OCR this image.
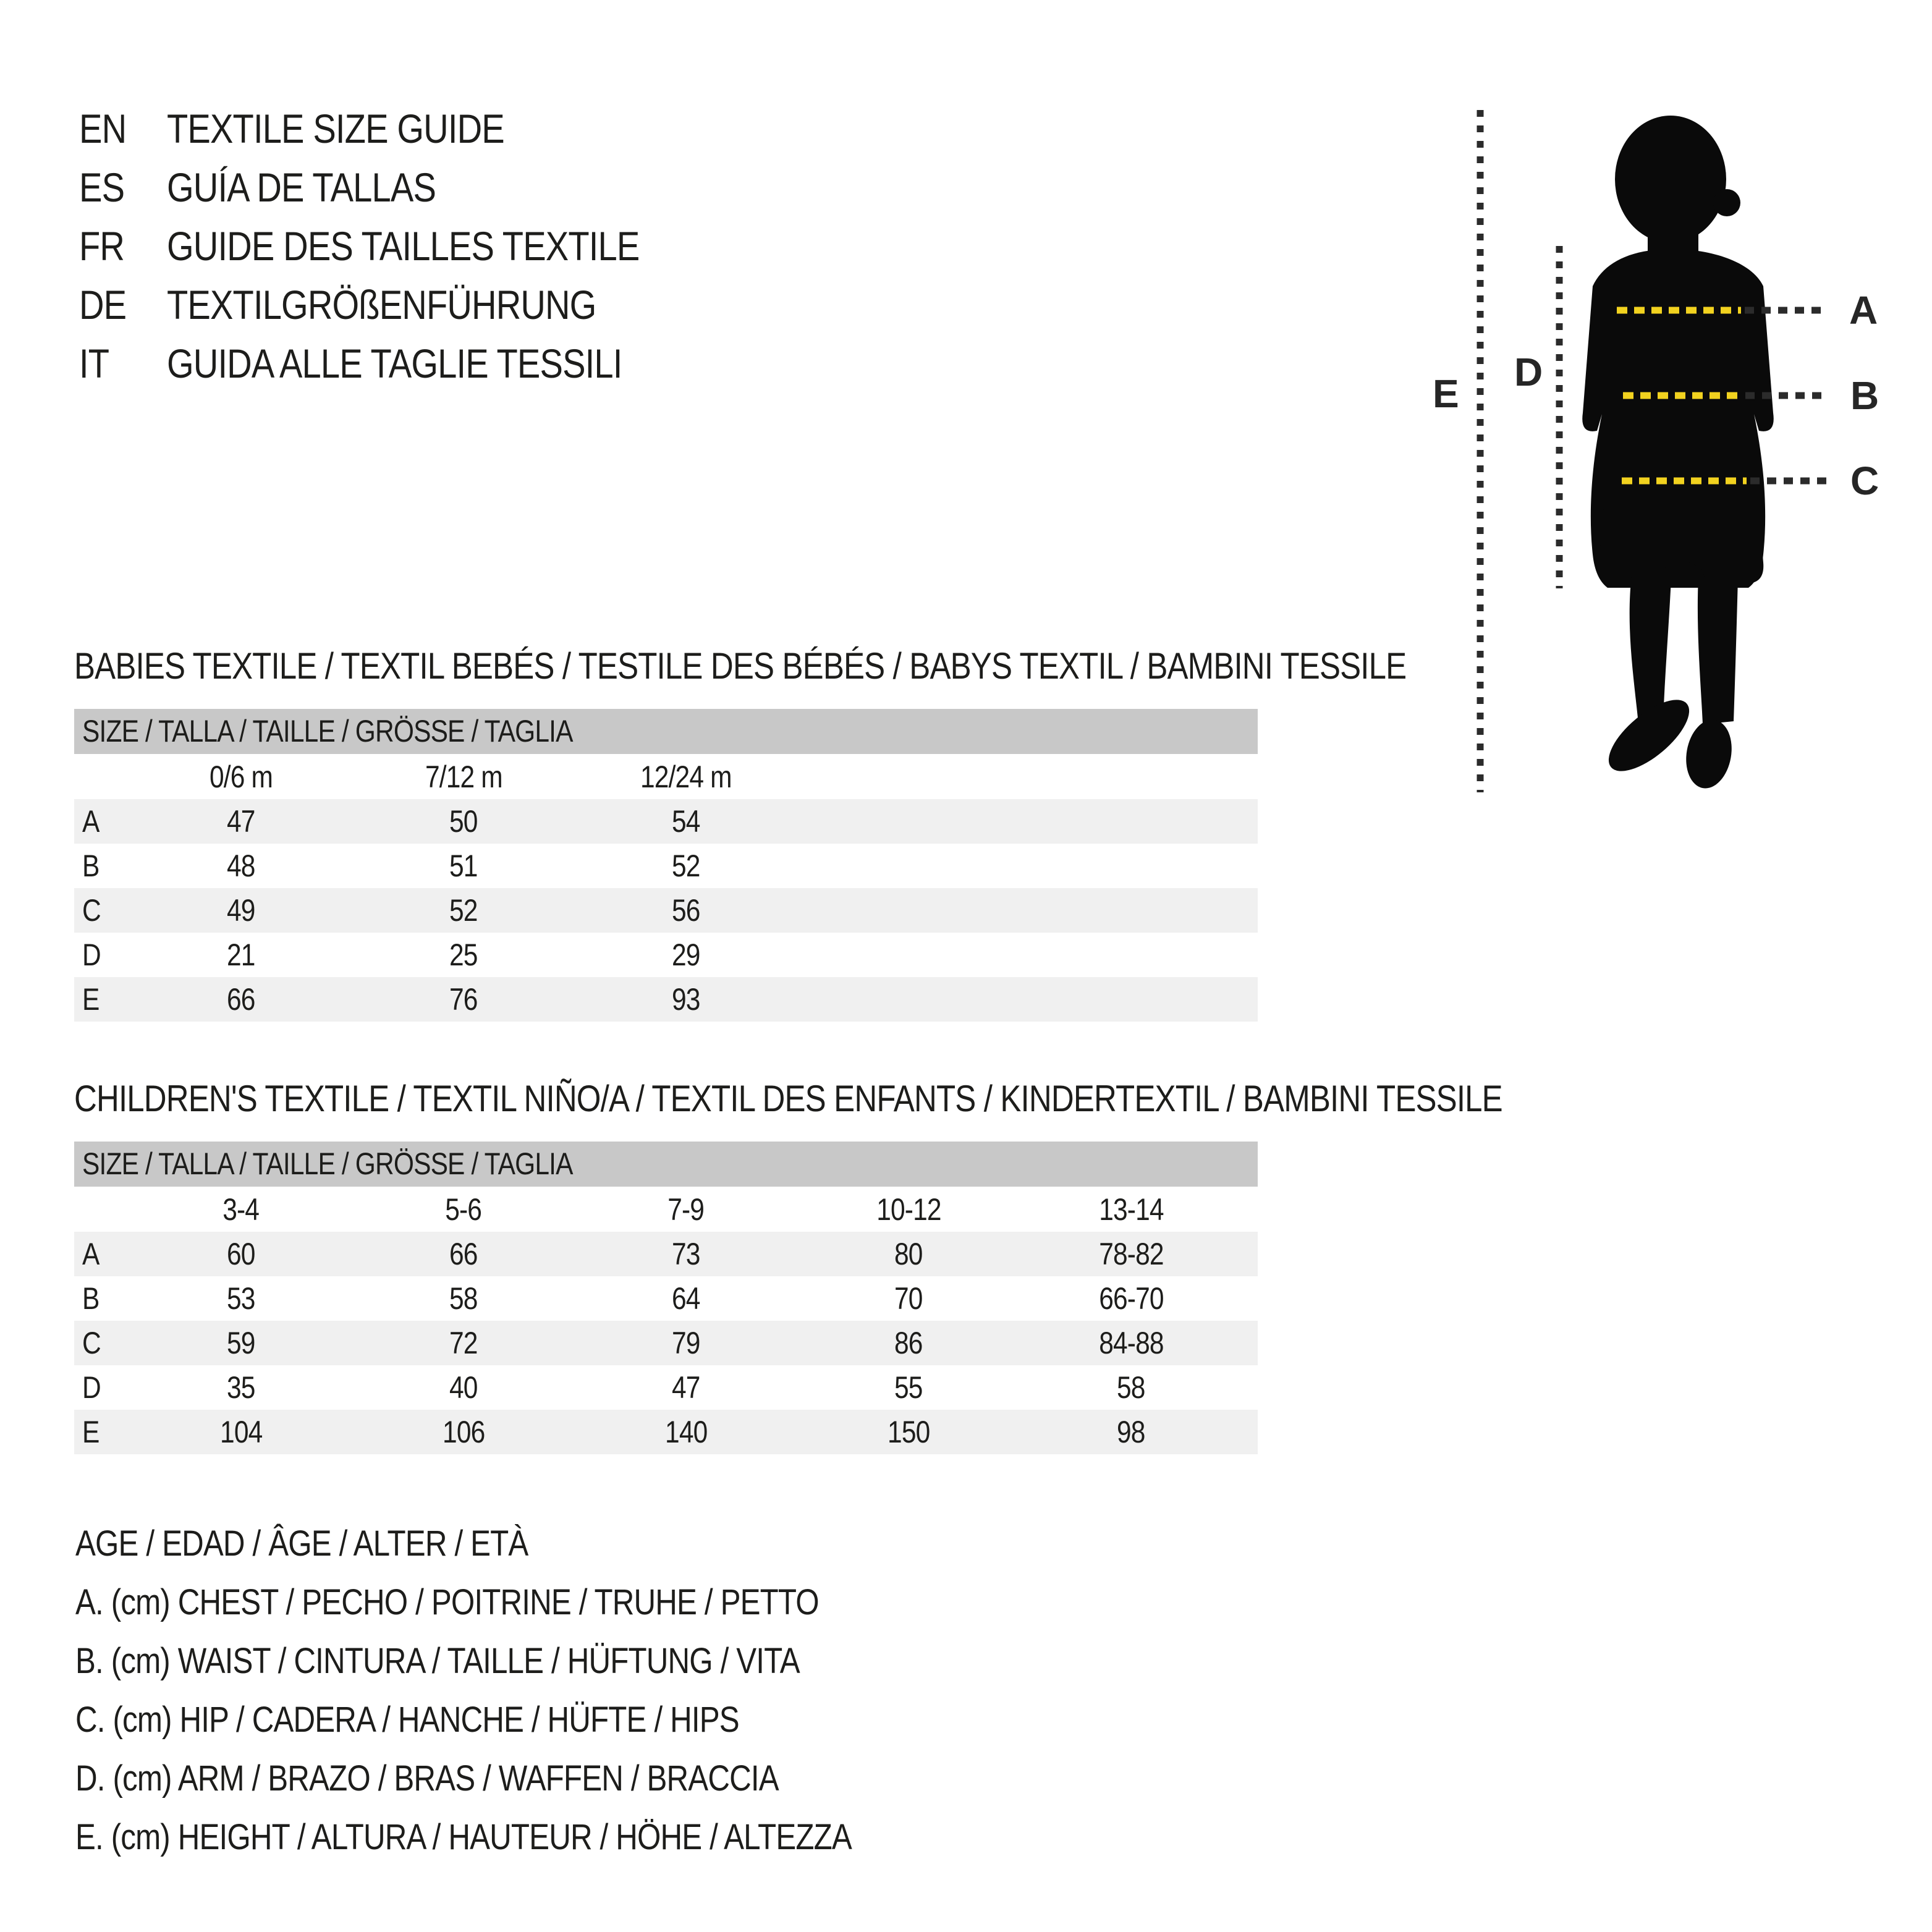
EN TEXTILE SIZE GUIDE
ES	GUÍA DE TALLAS
FR	GUIDE DES TAILLES TEXTILE
DE TEXTILGRÖßENFÜHRUNG
IT	GUIDA ALLE TAGLIE TESSILI
A
B
C
D
E
BABIES TEXTILE / TEXTIL BEBÉS / TESTILE DES BÉBÉS / BABYS TEXTIL / BAMBINI TESSILE
SIZE / TALLA / TAILLE / GRÖSSE / TAGLIA
	0/6 m	7/12 m	12/24 m	
A	47	50	54	
B	48	51	52	
C	49	52	56	
D	21	25	29	
E	66	76	93	
CHILDREN'S TEXTILE / TEXTIL NIÑO/A / TEXTIL DES ENFANTS / KINDERTEXTIL / BAMBINI TESSILE
SIZE / TALLA / TAILLE / GRÖSSE / TAGLIA
	3-4	5-6	7-9	10-12	13-14	
A	60	66	73	80	78-82	
B	53	58	64	70	66-70	
C	59	72	79	86	84-88	
D	35	40	47	55	58	
E	104	106	140	150	98	
AGE / EDAD / ÂGE / ALTER / ETÀ
A. (cm) CHEST / PECHO / POITRINE / TRUHE / PETTO
B. (cm) WAIST / CINTURA / TAILLE / HÜFTUNG / VITA
C. (cm) HIP / CADERA / HANCHE / HÜFTE / HIPS
D. (cm) ARM / BRAZO / BRAS / WAFFEN / BRACCIA
E. (cm) HEIGHT / ALTURA / HAUTEUR / HÖHE / ALTEZZA
